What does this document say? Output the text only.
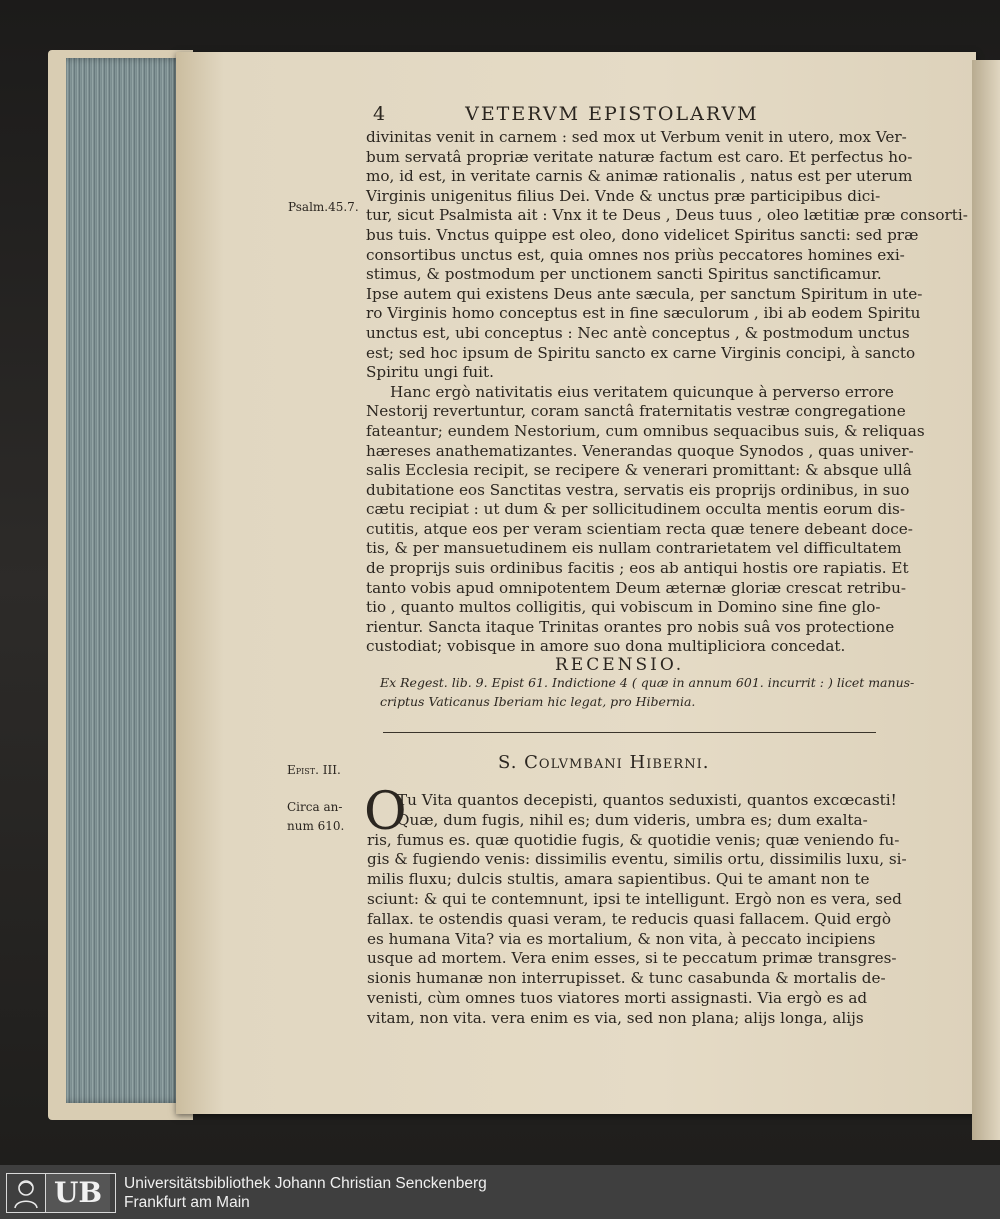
4	VETERVM EPISTOLARVM
Psalm.45.7.
divinitas venit in carnem : sed mox ut Verbum venit in utero, mox Ver-
bum servatâ propriæ veritate naturæ factum est caro. Et perfectus ho-
mo, id est, in veritate carnis & animæ rationalis , natus est per uterum
Virginis unigenitus filius Dei. Vnde & unctus præ participibus dici-
tur, sicut Psalmista ait : Vnx it te Deus , Deus tuus , oleo lætitiæ præ consorti-
bus tuis. Vnctus quippe est oleo, dono videlicet Spiritus sancti: sed præ
consortibus unctus est, quia omnes nos priùs peccatores homines exi-
stimus, & postmodum per unctionem sancti Spiritus sanctificamur.
Ipse autem qui existens Deus ante sæcula, per sanctum Spiritum in ute-
ro Virginis homo conceptus est in fine sæculorum , ibi ab eodem Spiritu
unctus est, ubi conceptus : Nec antè conceptus , & postmodum unctus
est; sed hoc ipsum de Spiritu sancto ex carne Virginis concipi, à sancto
Spiritu ungi fuit.
Hanc ergò nativitatis eius veritatem quicunque à perverso errore
Nestorij revertuntur, coram sanctâ fraternitatis vestræ congregatione
fateantur; eundem Nestorium, cum omnibus sequacibus suis, & reliquas
hæreses anathematizantes. Venerandas quoque Synodos , quas univer-
salis Ecclesia recipit, se recipere & venerari promittant: & absque ullâ
dubitatione eos Sanctitas vestra, servatis eis proprijs ordinibus, in suo
cætu recipiat : ut dum & per sollicitudinem occulta mentis eorum dis-
cutitis, atque eos per veram scientiam recta quæ tenere debeant doce-
tis, & per mansuetudinem eis nullam contrarietatem vel difficultatem
de proprijs suis ordinibus facitis ; eos ab antiqui hostis ore rapiatis. Et
tanto vobis apud omnipotentem Deum æternæ gloriæ crescat retribu-
tio , quanto multos colligitis, qui vobiscum in Domino sine fine glo-
rientur. Sancta itaque Trinitas orantes pro nobis suâ vos protectione
custodiat; vobisque in amore suo dona multipliciora concedat.
RECENSIO.
Ex Regest. lib. 9. Epist 61. Indictione 4 ( quæ in annum 601. incurrit : ) licet manus-
criptus Vaticanus Iberiam hic legat, pro Hibernia.
Epist. III.	S. Colvmbani Hiberni.
Circa an-
num 610. O
Tu Vita quantos decepisti, quantos seduxisti, quantos excœcasti!
Quæ, dum fugis, nihil es; dum videris, umbra es; dum exalta-
ris, fumus es. quæ quotidie fugis, & quotidie venis; quæ veniendo fu-
gis & fugiendo venis: dissimilis eventu, similis ortu, dissimilis luxu, si-
milis fluxu; dulcis stultis, amara sapientibus. Qui te amant non te
sciunt: & qui te contemnunt, ipsi te intelligunt. Ergò non es vera, sed
fallax. te ostendis quasi veram, te reducis quasi fallacem. Quid ergò
es humana Vita? via es mortalium, & non vita, à peccato incipiens
usque ad mortem. Vera enim esses, si te peccatum primæ transgres-
sionis humanæ non interrupisset. & tunc casabunda & mortalis de-
venisti, cùm omnes tuos viatores morti assignasti. Via ergò es ad
vitam, non vita. vera enim es via, sed non plana; alijs longa, alijs
UB	Universitätsbibliothek Johann Christian Senckenberg
Frankfurt am Main
